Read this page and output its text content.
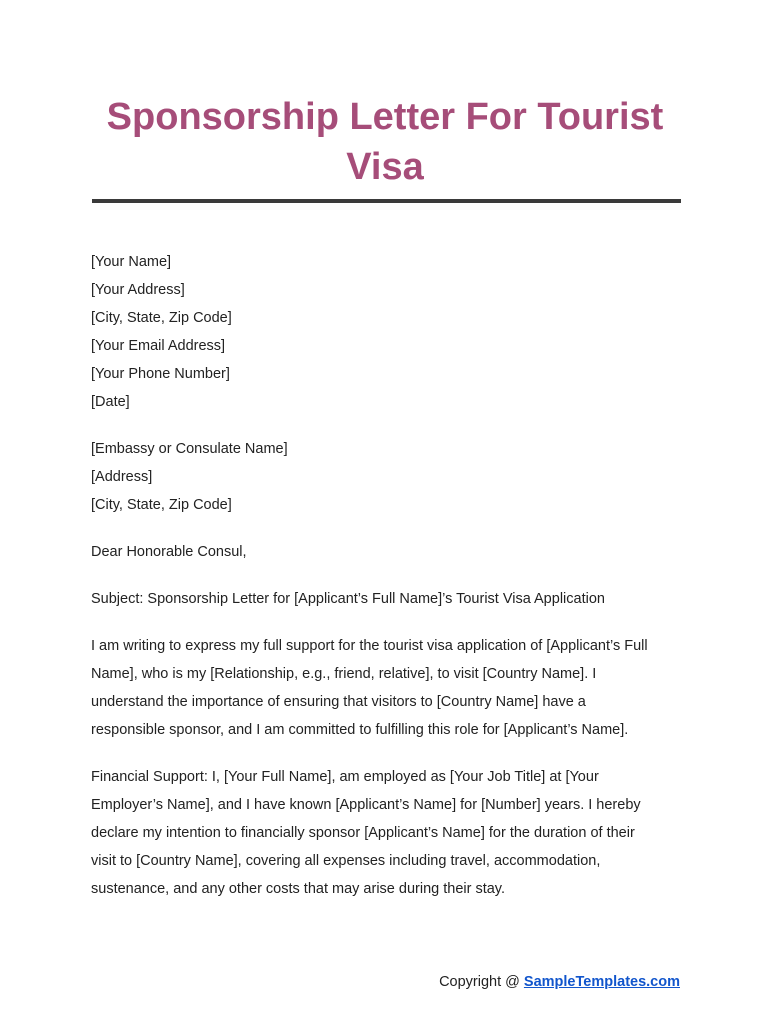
Sponsorship Letter For Tourist
Visa
[Your Name]
[Your Address]
[City, State, Zip Code]
[Your Email Address]
[Your Phone Number]
[Date]
[Embassy or Consulate Name]
[Address]
[City, State, Zip Code]
Dear Honorable Consul,
Subject: Sponsorship Letter for [Applicant’s Full Name]’s Tourist Visa Application
I am writing to express my full support for the tourist visa application of [Applicant’s Full
Name], who is my [Relationship, e.g., friend, relative], to visit [Country Name]. I
understand the importance of ensuring that visitors to [Country Name] have a
responsible sponsor, and I am committed to fulfilling this role for [Applicant’s Name].
Financial Support: I, [Your Full Name], am employed as [Your Job Title] at [Your
Employer’s Name], and I have known [Applicant’s Name] for [Number] years. I hereby
declare my intention to financially sponsor [Applicant’s Name] for the duration of their
visit to [Country Name], covering all expenses including travel, accommodation,
sustenance, and any other costs that may arise during their stay.
Copyright @ SampleTemplates.com
